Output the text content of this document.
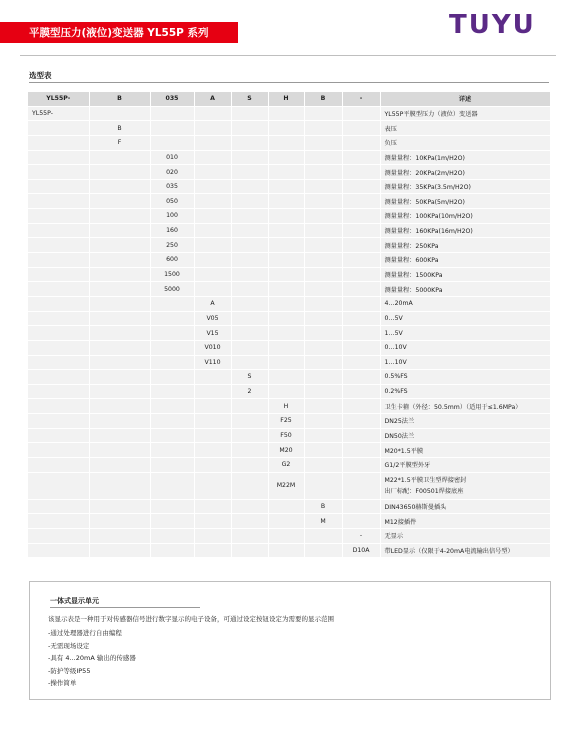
平膜型压力(液位)变送器 YL55P 系列	TUYU
选型表
YL55P-	B	035	A	S	H	B	-	详述
YL55P-								YL55P平膜型压力（液位）变送器
	B							表压
	F							负压
		010						测量量程：10KPa(1m/H2O)
		020						测量量程：20KPa(2m/H2O)
		035						测量量程：35KPa(3.5m/H2O)
		050						测量量程：50KPa(5m/H2O)
		100						测量量程：100KPa(10m/H2O)
		160						测量量程：160KPa(16m/H2O)
		250						测量量程：250KPa
		600						测量量程：600KPa
		1500						测量量程：1500KPa
		5000						测量量程：5000KPa
			A					4…20mA
			V05					0…5V
			V15					1…5V
			V010					0…10V
			V110					1…10V
				S				0.5%FS
				2				0.2%FS
					H			卫生卡箍（外径：50.5mm）（适用于≤1.6MPa）
					F25			DN25法兰
					F50			DN50法兰
					M20			M20*1.5平膜
					G2			G1/2平膜型外牙
					M22M			M22*1.5平膜卫生型焊接密封
出厂标配：F00501焊接底座
						B		DIN43650赫斯曼插头
						M		M12接插件
							-	无显示
							D10A	带LED显示（仅限于4-20mA电流输出信号型）
一体式显示单元
该显示表是一种用于对传感器信号进行数字显示的电子设备，可通过设定按钮设定为需要的显示范围
-通过处理器进行自由编程
-无需现场设定
-具有 4...20mA 输出的传感器
-防护等级IP55
-操作简单
